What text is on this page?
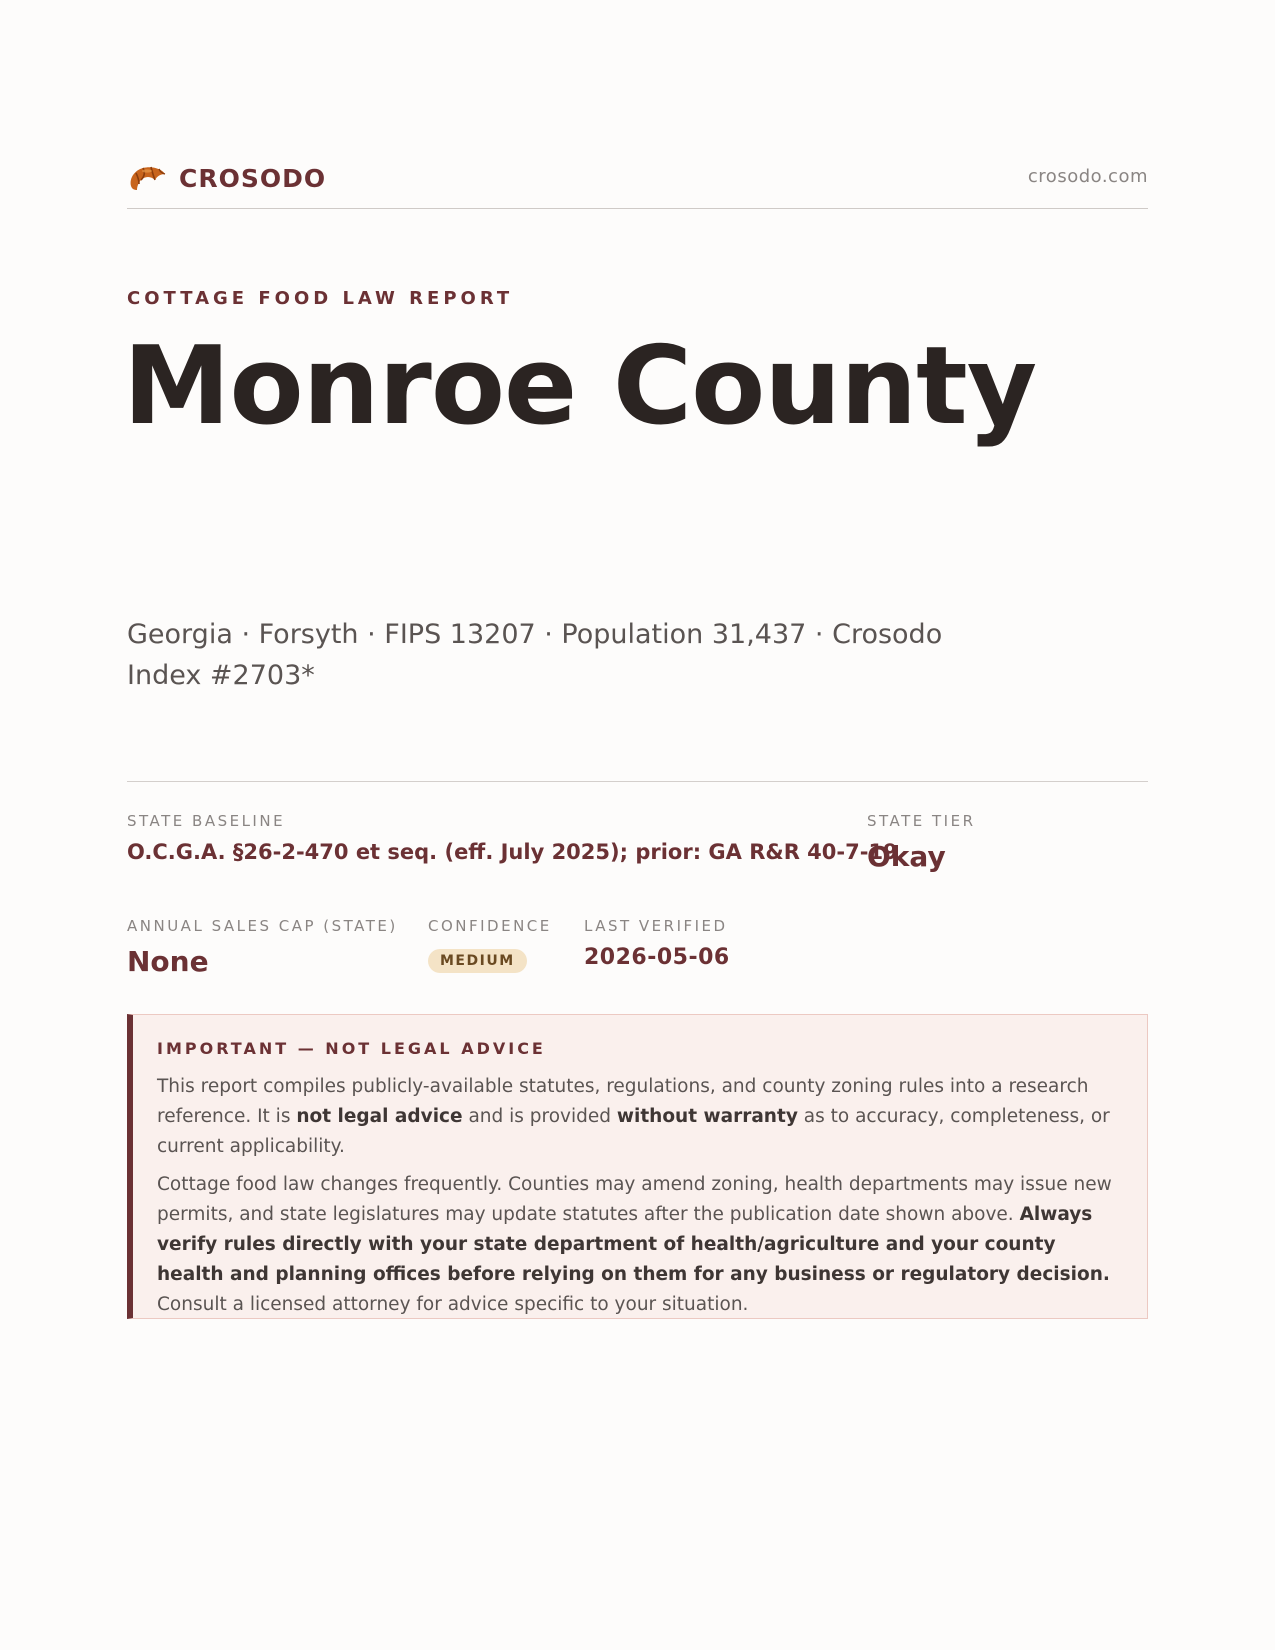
CROSODO	crosodo.com
COTTAGE FOOD LAW REPORT
Monroe County
Georgia · Forsyth · FIPS 13207 · Population 31,437 · Crosodo Index #2703*
STATE BASELINE
O.C.G.A. §26-2-470 et seq. (eff. July 2025); prior: GA R&R 40-7-19
STATE TIER
Okay
ANNUAL SALES CAP (STATE)
None
CONFIDENCE
MEDIUM
LAST VERIFIED
2026-05-06
IMPORTANT — NOT LEGAL ADVICE

This report compiles publicly-available statutes, regulations, and county zoning rules into a research reference. It is not legal advice and is provided without warranty as to accuracy, completeness, or current applicability.

Cottage food law changes frequently. Counties may amend zoning, health departments may issue new permits, and state legislatures may update statutes after the publication date shown above. Always verify rules directly with your state department of health/agriculture and your county health and planning offices before relying on them for any business or regulatory decision. Consult a licensed attorney for advice specific to your situation.
